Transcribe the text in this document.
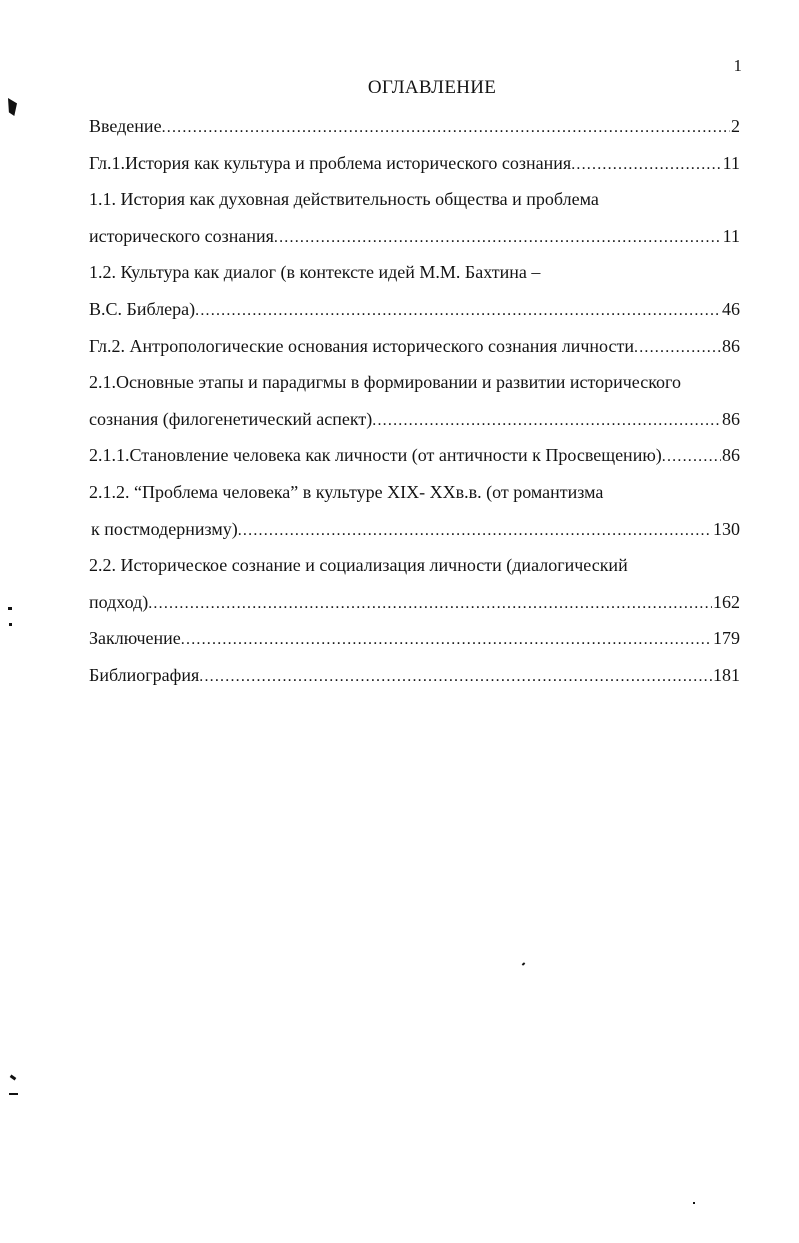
1
ОГЛАВЛЕНИЕ
Введение .....	2
Гл.1.История как культура и проблема исторического сознания .....	11
1.1. История как духовная действительность общества и проблема
исторического сознания .....	11
1.2. Культура как диалог (в контексте идей М.М. Бахтина –
В.С. Библера) .....	46
Гл.2. Антропологические основания исторического сознания личности .....	86
2.1.Основные этапы и парадигмы в формировании и развитии исторического
сознания (филогенетический аспект) .....	86
2.1.1.Становление человека как личности (от античности к Просвещению) .....	86
2.1.2. “Проблема человека” в культуре XIX- XXв.в. (от романтизма
к постмодернизму) .....	130
2.2. Историческое сознание и социализация личности (диалогический
подход) .....	162
Заключение .....	179
Библиография .....	181
